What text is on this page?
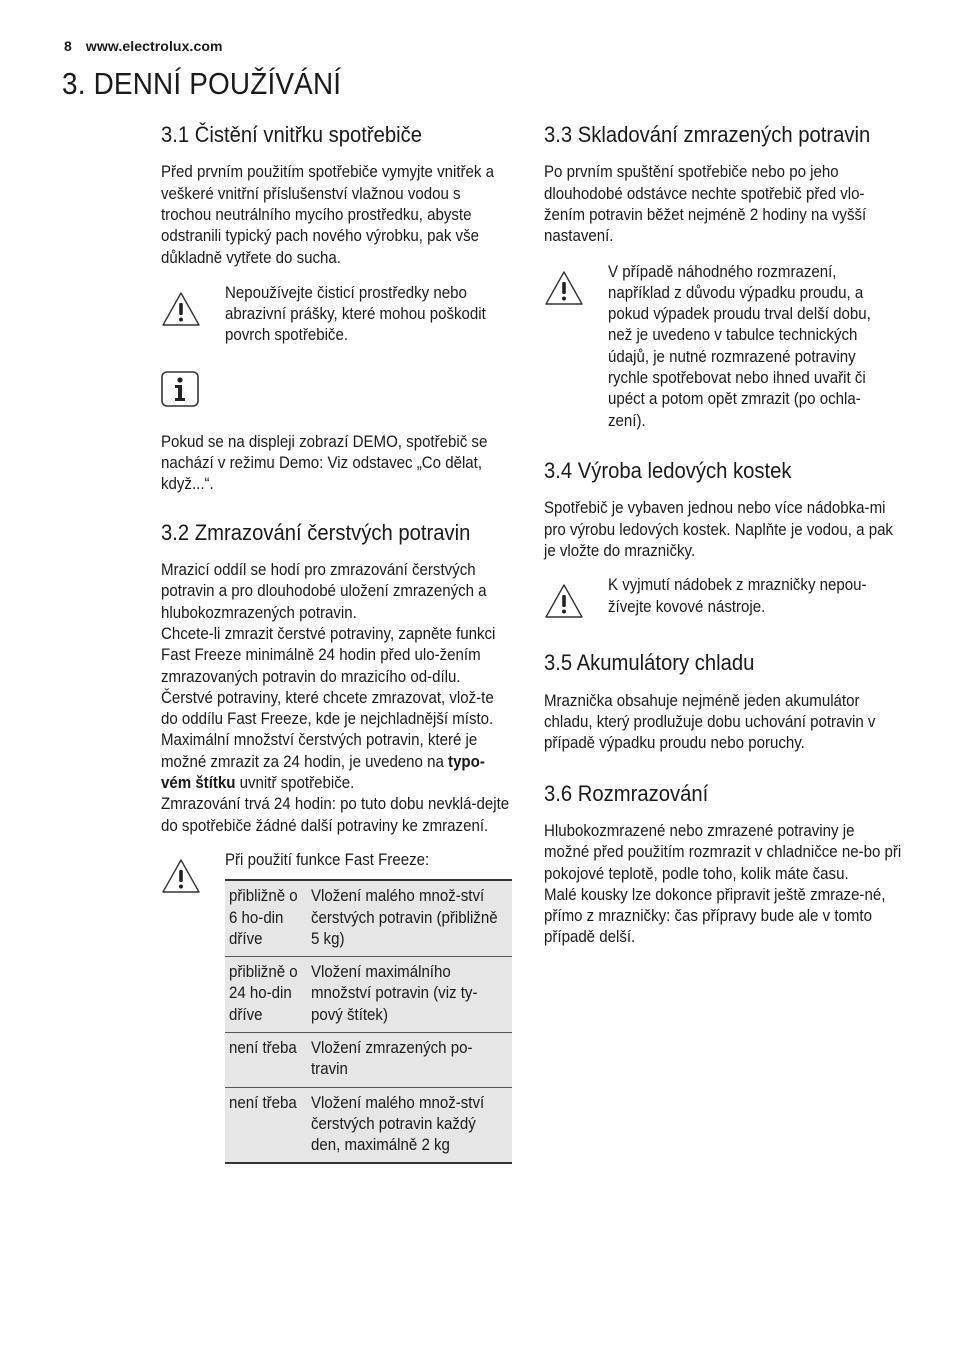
8 www.electrolux.com
3. DENNÍ POUŽÍVÁNÍ
3.1 Čistění vnitřku spotřebiče

Před prvním použitím spotřebiče vymyjte vnitřek a veškeré vnitřní příslušenství vlažnou vodou s trochou neutrálního mycího prostředku, abyste odstranili typický pach nového výrobku, pak vše důkladně vytřete do sucha.

Nepoužívejte čisticí prostředky nebo abrazivní prášky, které mohou poškodit povrch spotřebiče.

Pokud se na displeji zobrazí DEMO, spotřebič se nachází v režimu Demo: Viz odstavec „Co dělat, když...“.

3.2 Zmrazování čerstvých potravin

Mrazicí oddíl se hodí pro zmrazování čerstvých potravin a pro dlouhodobé uložení zmrazených a hlubokozmrazených potravin.

Chcete-li zmrazit čerstvé potraviny, zapněte funkci Fast Freeze minimálně 24 hodin před ulo-žením zmrazovaných potravin do mrazicího od-dílu.

Čerstvé potraviny, které chcete zmrazovat, vlož-te do oddílu Fast Freeze, kde je nejchladnější místo.

Maximální množství čerstvých potravin, které je možné zmrazit za 24 hodin, je uvedeno na typo-vém štítku uvnitř spotřebiče.

Zmrazování trvá 24 hodin: po tuto dobu nevklá-dejte do spotřebiče žádné další potraviny ke zmrazení.

Při použití funkce Fast Freeze:

přibližně o 6 ho-din dříve	Vložení malého množ-ství čerstvých potravin (přibližně 5 kg)

přibližně o 24 ho-din dříve	Vložení maximálního množství potravin (viz ty-pový štítek)

není třeba	Vložení zmrazených po-travin

není třeba	Vložení malého množ-ství čerstvých potravin každý den, maximálně 2 kg
3.3 Skladování zmrazených potravin

Po prvním spuštění spotřebiče nebo po jeho dlouhodobé odstávce nechte spotřebič před vlo-žením potravin běžet nejméně 2 hodiny na vyšší nastavení.

V případě náhodného rozmrazení, například z důvodu výpadku proudu, a pokud výpadek proudu trval delší dobu, než je uvedeno v tabulce technických údajů, je nutné rozmrazené potraviny rychle spotřebovat nebo ihned uvařit či upéct a potom opět zmrazit (po ochla-zení).

3.4 Výroba ledových kostek

Spotřebič je vybaven jednou nebo více nádobka-mi pro výrobu ledových kostek. Naplňte je vodou, a pak je vložte do mrazničky.

K vyjmutí nádobek z mrazničky nepou-žívejte kovové nástroje.

3.5 Akumulátory chladu

Mraznička obsahuje nejméně jeden akumulátor chladu, který prodlužuje dobu uchování potravin v případě výpadku proudu nebo poruchy.

3.6 Rozmrazování

Hlubokozmrazené nebo zmrazené potraviny je možné před použitím rozmrazit v chladničce ne-bo při pokojové teplotě, podle toho, kolik máte času.

Malé kousky lze dokonce připravit ještě zmraze-né, přímo z mrazničky: čas přípravy bude ale v tomto případě delší.
